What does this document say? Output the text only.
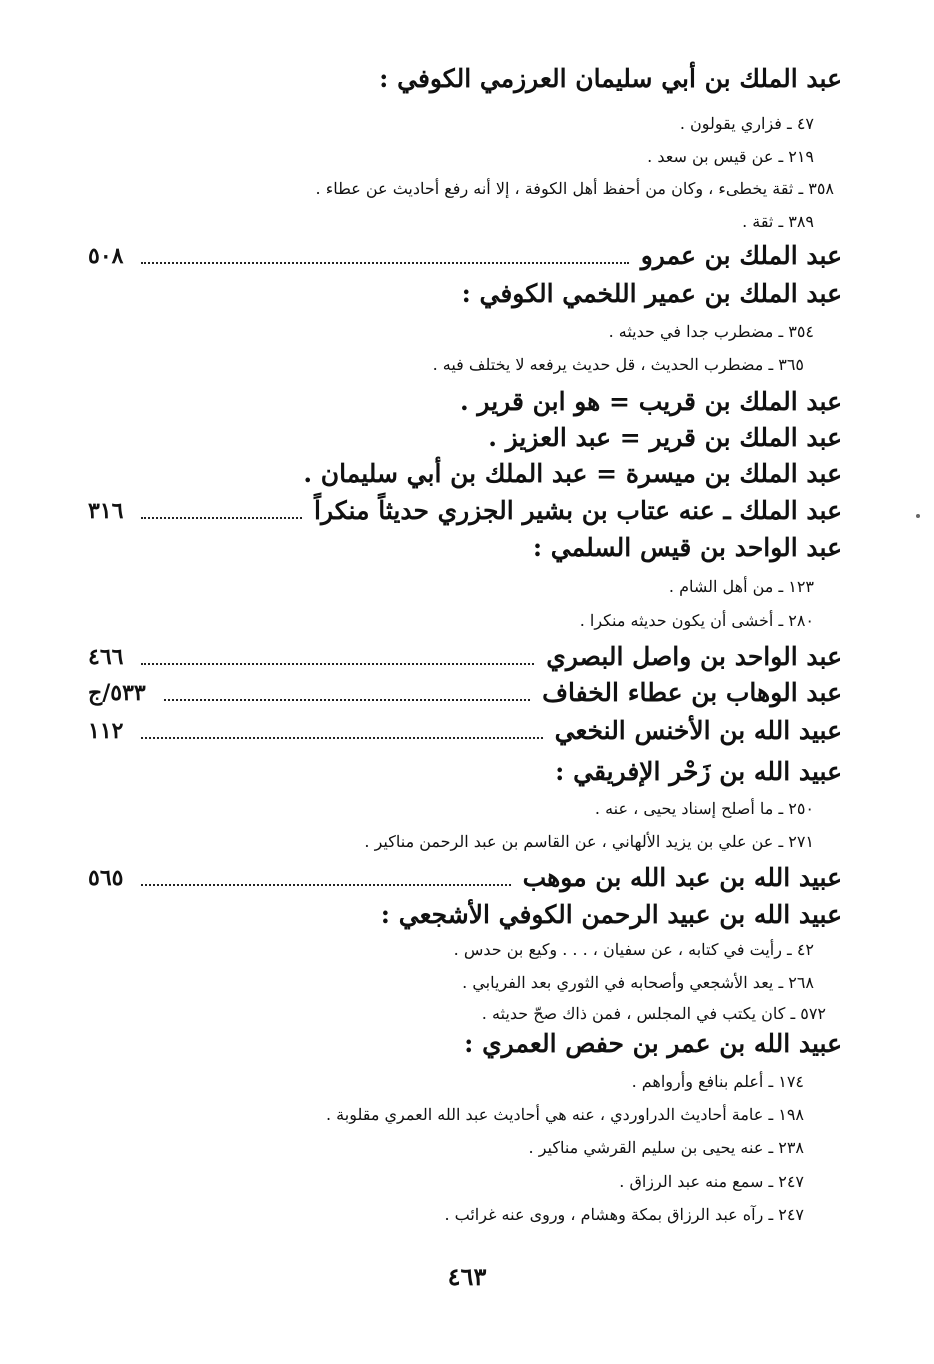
عبد الملك بن أبي سليمان العرزمي الكوفي :
٤٧ ـ فزاري يقولون .
٢١٩ ـ عن قيس بن سعد .
٣٥٨ ـ ثقة يخطىء ، وكان من أحفظ أهل الكوفة ، إلا أنه رفع أحاديث عن عطاء .
٣٨٩ ـ ثقة .
عبد الملك بن عمرو
٥٠٨
عبد الملك بن عمير اللخمي الكوفي :
٣٥٤ ـ مضطرب جدا في حديثه .
٣٦٥ ـ مضطرب الحديث ، قل حديث يرفعه لا يختلف فيه .
عبد الملك بن قريب = هو ابن قرير .
عبد الملك بن قرير = عبد العزيز .
عبد الملك بن ميسرة = عبد الملك بن أبي سليمان .
عبد الملك ـ عنه عتاب بن بشير الجزري حديثاً منكراً
٣١٦
عبد الواحد بن قيس السلمي :
١٢٣ ـ من أهل الشام .
٢٨٠ ـ أخشى أن يكون حديثه منكرا .
عبد الواحد بن واصل البصري
٤٦٦
عبد الوهاب بن عطاء الخفاف
٥٣٣/ج
عبيد الله بن الأخنس النخعي
١١٢
عبيد الله بن زَحْر الإفريقي :
٢٥٠ ـ ما أصلح إسناد يحيى ، عنه .
٢٧١ ـ عن علي بن يزيد الألهاني ، عن القاسم بن عبد الرحمن مناكير .
عبيد الله بن عبد الله بن موهب
٥٦٥
عبيد الله بن عبيد الرحمن الكوفي الأشجعي :
٤٢ ـ رأيت في كتابه ، عن سفيان ، . . . وكيع بن حدس .
٢٦٨ ـ يعد الأشجعي وأصحابه في الثوري بعد الفريابي .
٥٧٢ ـ كان يكتب في المجلس ، فمن ذاك صحّ حديثه .
عبيد الله بن عمر بن حفص العمري :
١٧٤ ـ أعلم بنافع وأرواهم .
١٩٨ ـ عامة أحاديث الدراوردي ، عنه هي أحاديث عبد الله العمري مقلوبة .
٢٣٨ ـ عنه يحيى بن سليم القرشي مناكير .
٢٤٧ ـ سمع منه عبد الرزاق .
٢٤٧ ـ رآه عبد الرزاق بمكة وهشام ، وروى عنه غرائب .
٤٦٣
